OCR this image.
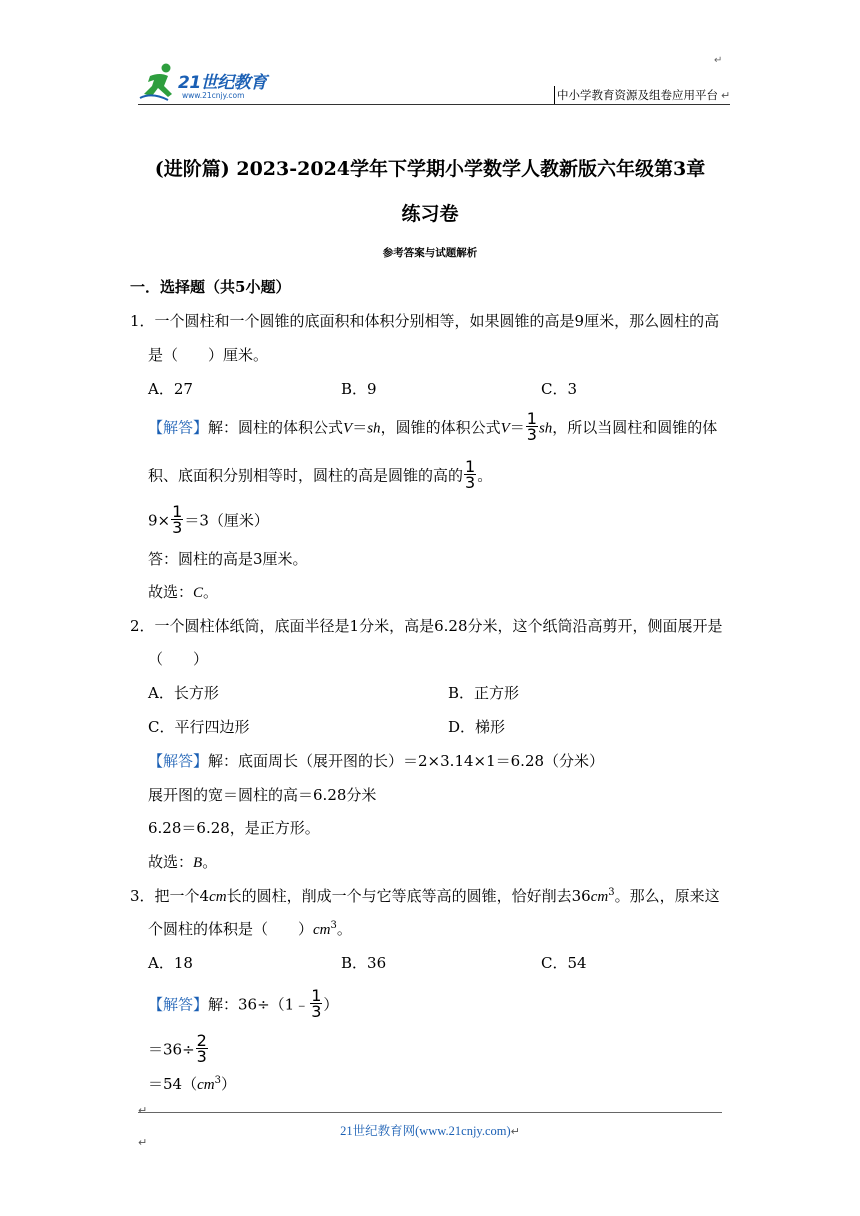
21世纪教育
www.21cnjy.com
↵
中小学教育资源及组卷应用平台 ↵
(进阶篇) 2023-2024学年下学期小学数学人教新版六年级第3章
练习卷
参考答案与试题解析
一．选择题（共5小题）
1．一个圆柱和一个圆锥的底面积和体积分别相等，如果圆锥的高是9厘米，那么圆柱的高
是（　　）厘米。
A．27	B．9	C．3
【解答】解：圆柱的体积公式V＝sh，圆锥的体积公式$V= \frac{1}{3}$ sh，所以当圆柱和圆锥的体
积、底面积分别相等时，圆柱的高是圆锥的高的 $\frac{1}{3}$ 。
$9\times \frac{1}{3} =3$（厘米）
答：圆柱的高是3厘米。
故选：C。
2．一个圆柱体纸筒，底面半径是1分米，高是6.28分米，这个纸筒沿高剪开，侧面展开是
（　　）
A．长方形	B．正方形
C．平行四边形	D．梯形
【解答】解：底面周长（展开图的长）＝2×3.14×1＝6.28（分米）
展开图的宽＝圆柱的高＝6.28分米
6.28＝6.28，是正方形。
故选：B。
3．把一个4cm长的圆柱，削成一个与它等底等高的圆锥，恰好削去$36cm^3$。那么，原来这
个圆柱的体积是（　　）$cm^3$。
A．18	B．36	C．54
【解答】解：36÷（1﹣ $\frac{1}{3}$ ）
$=36\div \frac{2}{3}$
$=54(cm^3)$
↵
21世纪教育网(www.21cnjy.com)↵
↵
